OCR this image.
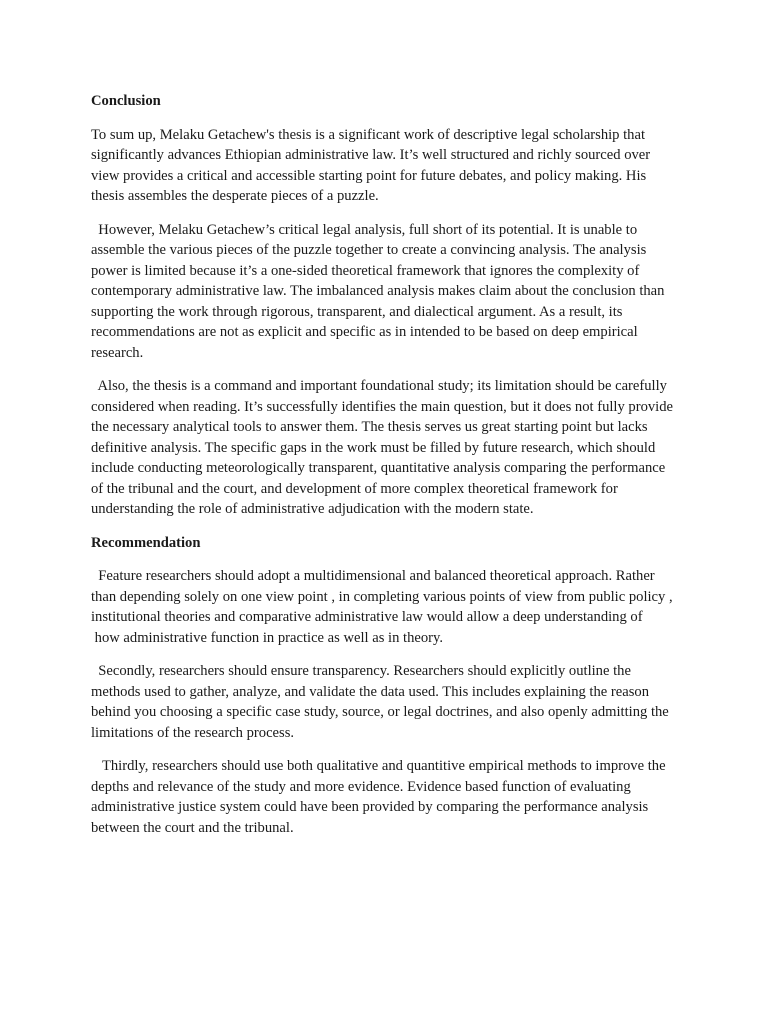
Conclusion

To sum up, Melaku Getachew's thesis is a significant work of descriptive legal scholarship that significantly advances Ethiopian administrative law. It’s well structured and richly sourced over view provides a critical and accessible starting point for future debates, and policy making. His thesis assembles the desperate pieces of a puzzle.

However, Melaku Getachew’s critical legal analysis, full short of its potential. It is unable to assemble the various pieces of the puzzle together to create a convincing analysis. The analysis power is limited because it’s a one-sided theoretical framework that ignores the complexity of contemporary administrative law. The imbalanced analysis makes claim about the conclusion than supporting the work through rigorous, transparent, and dialectical argument. As a result, its recommendations are not as explicit and specific as in intended to be based on deep empirical research.

Also, the thesis is a command and important foundational study; its limitation should be carefully considered when reading. It’s successfully identifies the main question, but it does not fully provide the necessary analytical tools to answer them. The thesis serves us great starting point but lacks definitive analysis. The specific gaps in the work must be filled by future research, which should include conducting meteorologically transparent, quantitative analysis comparing the performance of the tribunal and the court, and development of more complex theoretical framework for understanding the role of administrative adjudication with the modern state.

Recommendation

Feature researchers should adopt a multidimensional and balanced theoretical approach. Rather than depending solely on one view point , in completing various points of view from public policy , institutional theories and comparative administrative law would allow a deep understanding of  how administrative function in practice as well as in theory.

Secondly, researchers should ensure transparency. Researchers should explicitly outline the methods used to gather, analyze, and validate the data used. This includes explaining the reason behind you choosing a specific case study, source, or legal doctrines, and also openly admitting the limitations of the research process.

Thirdly, researchers should use both qualitative and quantitive empirical methods to improve the depths and relevance of the study and more evidence. Evidence based function of evaluating administrative justice system could have been provided by comparing the performance analysis between the court and the tribunal.
